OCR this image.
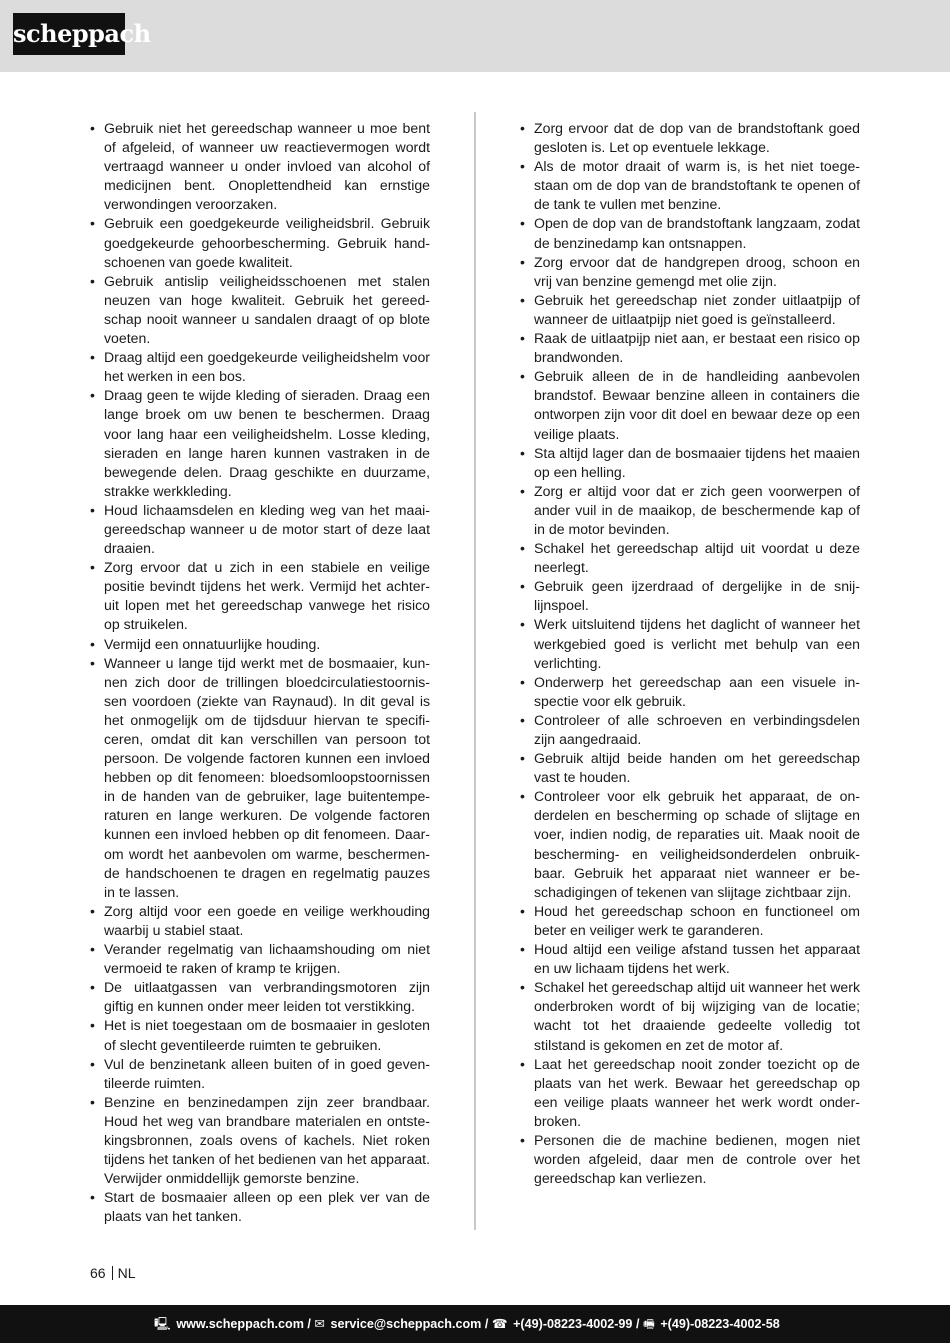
scheppach
• Gebruik niet het gereedschap wanneer u moe bent of afgeleid, of wanneer uw reactievermogen wordt vertraagd wanneer u onder invloed van alcohol of medicijnen bent. Onoplettendheid kan ernstige verwondingen veroorzaken.
• Gebruik een goedgekeurde veiligheidsbril. Gebruik goedgekeurde gehoorbescherming. Gebruik handschoenen van goede kwaliteit.
• Gebruik antislip veiligheidsschoenen met stalen neuzen van hoge kwaliteit. Gebruik het gereedschap nooit wanneer u sandalen draagt of op blote voeten.
• Draag altijd een goedgekeurde veiligheidshelm voor het werken in een bos.
• Draag geen te wijde kleding of sieraden. Draag een lange broek om uw benen te beschermen. Draag voor lang haar een veiligheidshelm. Losse kleding, sieraden en lange haren kunnen vastraken in de bewegende delen. Draag geschikte en duurzame, strakke werkkleding.
• Houd lichaamsdelen en kleding weg van het maaigereedschap wanneer u de motor start of deze laat draaien.
• Zorg ervoor dat u zich in een stabiele en veilige positie bevindt tijdens het werk. Vermijd het achteruit lopen met het gereedschap vanwege het risico op struikelen.
• Vermijd een onnatuurlijke houding.
• Wanneer u lange tijd werkt met de bosmaaier, kunnen zich door de trillingen bloedcirculatiestoornissen voordoen (ziekte van Raynaud). In dit geval is het onmogelijk om de tijdsduur hiervan te specificeren, omdat dit kan verschillen van persoon tot persoon. De volgende factoren kunnen een invloed hebben op dit fenomeen: bloedsomloopstoornissen in de handen van de gebruiker, lage buitentemperaturen en lange werkuren. De volgende factoren kunnen een invloed hebben op dit fenomeen. Daarom wordt het aanbevolen om warme, beschermende handschoenen te dragen en regelmatig pauzes in te lassen.
• Zorg altijd voor een goede en veilige werkhouding waarbij u stabiel staat.
• Verander regelmatig van lichaamshouding om niet vermoeid te raken of kramp te krijgen.
• De uitlaatgassen van verbrandingsmotoren zijn giftig en kunnen onder meer leiden tot verstikking.
• Het is niet toegestaan om de bosmaaier in gesloten of slecht geventileerde ruimten te gebruiken.
• Vul de benzinetank alleen buiten of in goed geventileerde ruimten.
• Benzine en benzinedampen zijn zeer brandbaar. Houd het weg van brandbare materialen en ontstekingsbronnen, zoals ovens of kachels. Niet roken tijdens het tanken of het bedienen van het apparaat. Verwijder onmiddellijk gemorste benzine.
• Start de bosmaaier alleen op een plek ver van de plaats van het tanken.
• Zorg ervoor dat de dop van de brandstoftank goed gesloten is. Let op eventuele lekkage.
• Als de motor draait of warm is, is het niet toegestaan om de dop van de brandstoftank te openen of de tank te vullen met benzine.
• Open de dop van de brandstoftank langzaam, zodat de benzinedamp kan ontsnappen.
• Zorg ervoor dat de handgrepen droog, schoon en vrij van benzine gemengd met olie zijn.
• Gebruik het gereedschap niet zonder uitlaatpijp of wanneer de uitlaatpijp niet goed is geïnstalleerd.
• Raak de uitlaatpijp niet aan, er bestaat een risico op brandwonden.
• Gebruik alleen de in de handleiding aanbevolen brandstof. Bewaar benzine alleen in containers die ontworpen zijn voor dit doel en bewaar deze op een veilige plaats.
• Sta altijd lager dan de bosmaaier tijdens het maaien op een helling.
• Zorg er altijd voor dat er zich geen voorwerpen of ander vuil in de maaikop, de beschermende kap of in de motor bevinden.
• Schakel het gereedschap altijd uit voordat u deze neerlegt.
• Gebruik geen ijzerdraad of dergelijke in de snijlijnspoel.
• Werk uitsluitend tijdens het daglicht of wanneer het werkgebied goed is verlicht met behulp van een verlichting.
• Onderwerp het gereedschap aan een visuele inspectie voor elk gebruik.
• Controleer of alle schroeven en verbindingsdelen zijn aangedraaid.
• Gebruik altijd beide handen om het gereedschap vast te houden.
• Controleer voor elk gebruik het apparaat, de onderdelen en bescherming op schade of slijtage en voer, indien nodig, de reparaties uit. Maak nooit de bescherming- en veiligheidsonderdelen onbruikbaar. Gebruik het apparaat niet wanneer er beschadigingen of tekenen van slijtage zichtbaar zijn.
• Houd het gereedschap schoon en functioneel om beter en veiliger werk te garanderen.
• Houd altijd een veilige afstand tussen het apparaat en uw lichaam tijdens het werk.
• Schakel het gereedschap altijd uit wanneer het werk onderbroken wordt of bij wijziging van de locatie; wacht tot het draaiende gedeelte volledig tot stilstand is gekomen en zet de motor af.
• Laat het gereedschap nooit zonder toezicht op de plaats van het werk. Bewaar het gereedschap op een veilige plaats wanneer het werk wordt onderbroken.
• Personen die de machine bedienen, mogen niet worden afgeleid, daar men de controle over het gereedschap kan verliezen.
66 NL
🖳 www.scheppach.com / ✉ service@scheppach.com / ☎ +(49)-08223-4002-99 / 🖷 +(49)-08223-4002-58
